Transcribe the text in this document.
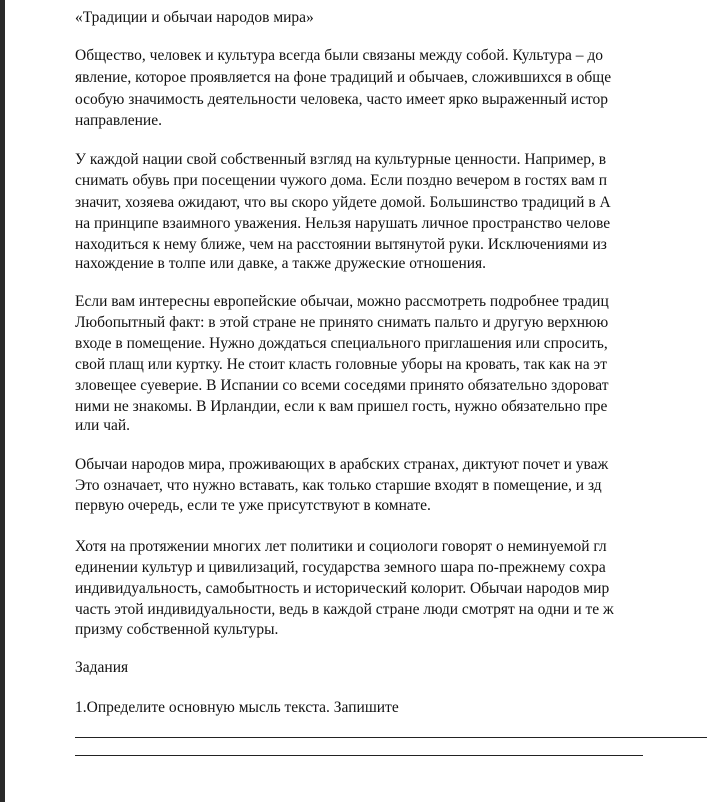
«Традиции и обычаи народов мира»
Общество, человек и культура всегда были связаны между собой. Культура – до
явление, которое проявляется на фоне традиций и обычаев, сложившихся в обще
особую значимость деятельности человека, часто имеет ярко выраженный истор
направление.
У каждой нации свой собственный взгляд на культурные ценности. Например, в
снимать обувь при посещении чужого дома. Если поздно вечером в гостях вам п
значит, хозяева ожидают, что вы скоро уйдете домой. Большинство традиций в А
на принципе взаимного уважения. Нельзя нарушать личное пространство челове
находиться к нему ближе, чем на расстоянии вытянутой руки. Исключениями из
нахождение в толпе или давке, а также дружеские отношения.
Если вам интересны европейские обычаи, можно рассмотреть подробнее традиц
Любопытный факт: в этой стране не принято снимать пальто и другую верхнюю
входе в помещение. Нужно дождаться специального приглашения или спросить,
свой плащ или куртку. Не стоит класть головные уборы на кровать, так как на эт
зловещее суеверие. В Испании со всеми соседями принято обязательно здороват
ними не знакомы. В Ирландии, если к вам пришел гость, нужно обязательно пре
или чай.
Обычаи народов мира, проживающих в арабских странах, диктуют почет и уваж
Это означает, что нужно вставать, как только старшие входят в помещение, и зд
первую очередь, если те уже присутствуют в комнате.
Хотя на протяжении многих лет политики и социологи говорят о неминуемой гл
единении культур и цивилизаций, государства земного шара по-прежнему сохра
индивидуальность, самобытность и исторический колорит. Обычаи народов мир
часть этой индивидуальности, ведь в каждой стране люди смотрят на одни и те ж
призму собственной культуры.
Задания
1.Определите основную мысль текста. Запишите
